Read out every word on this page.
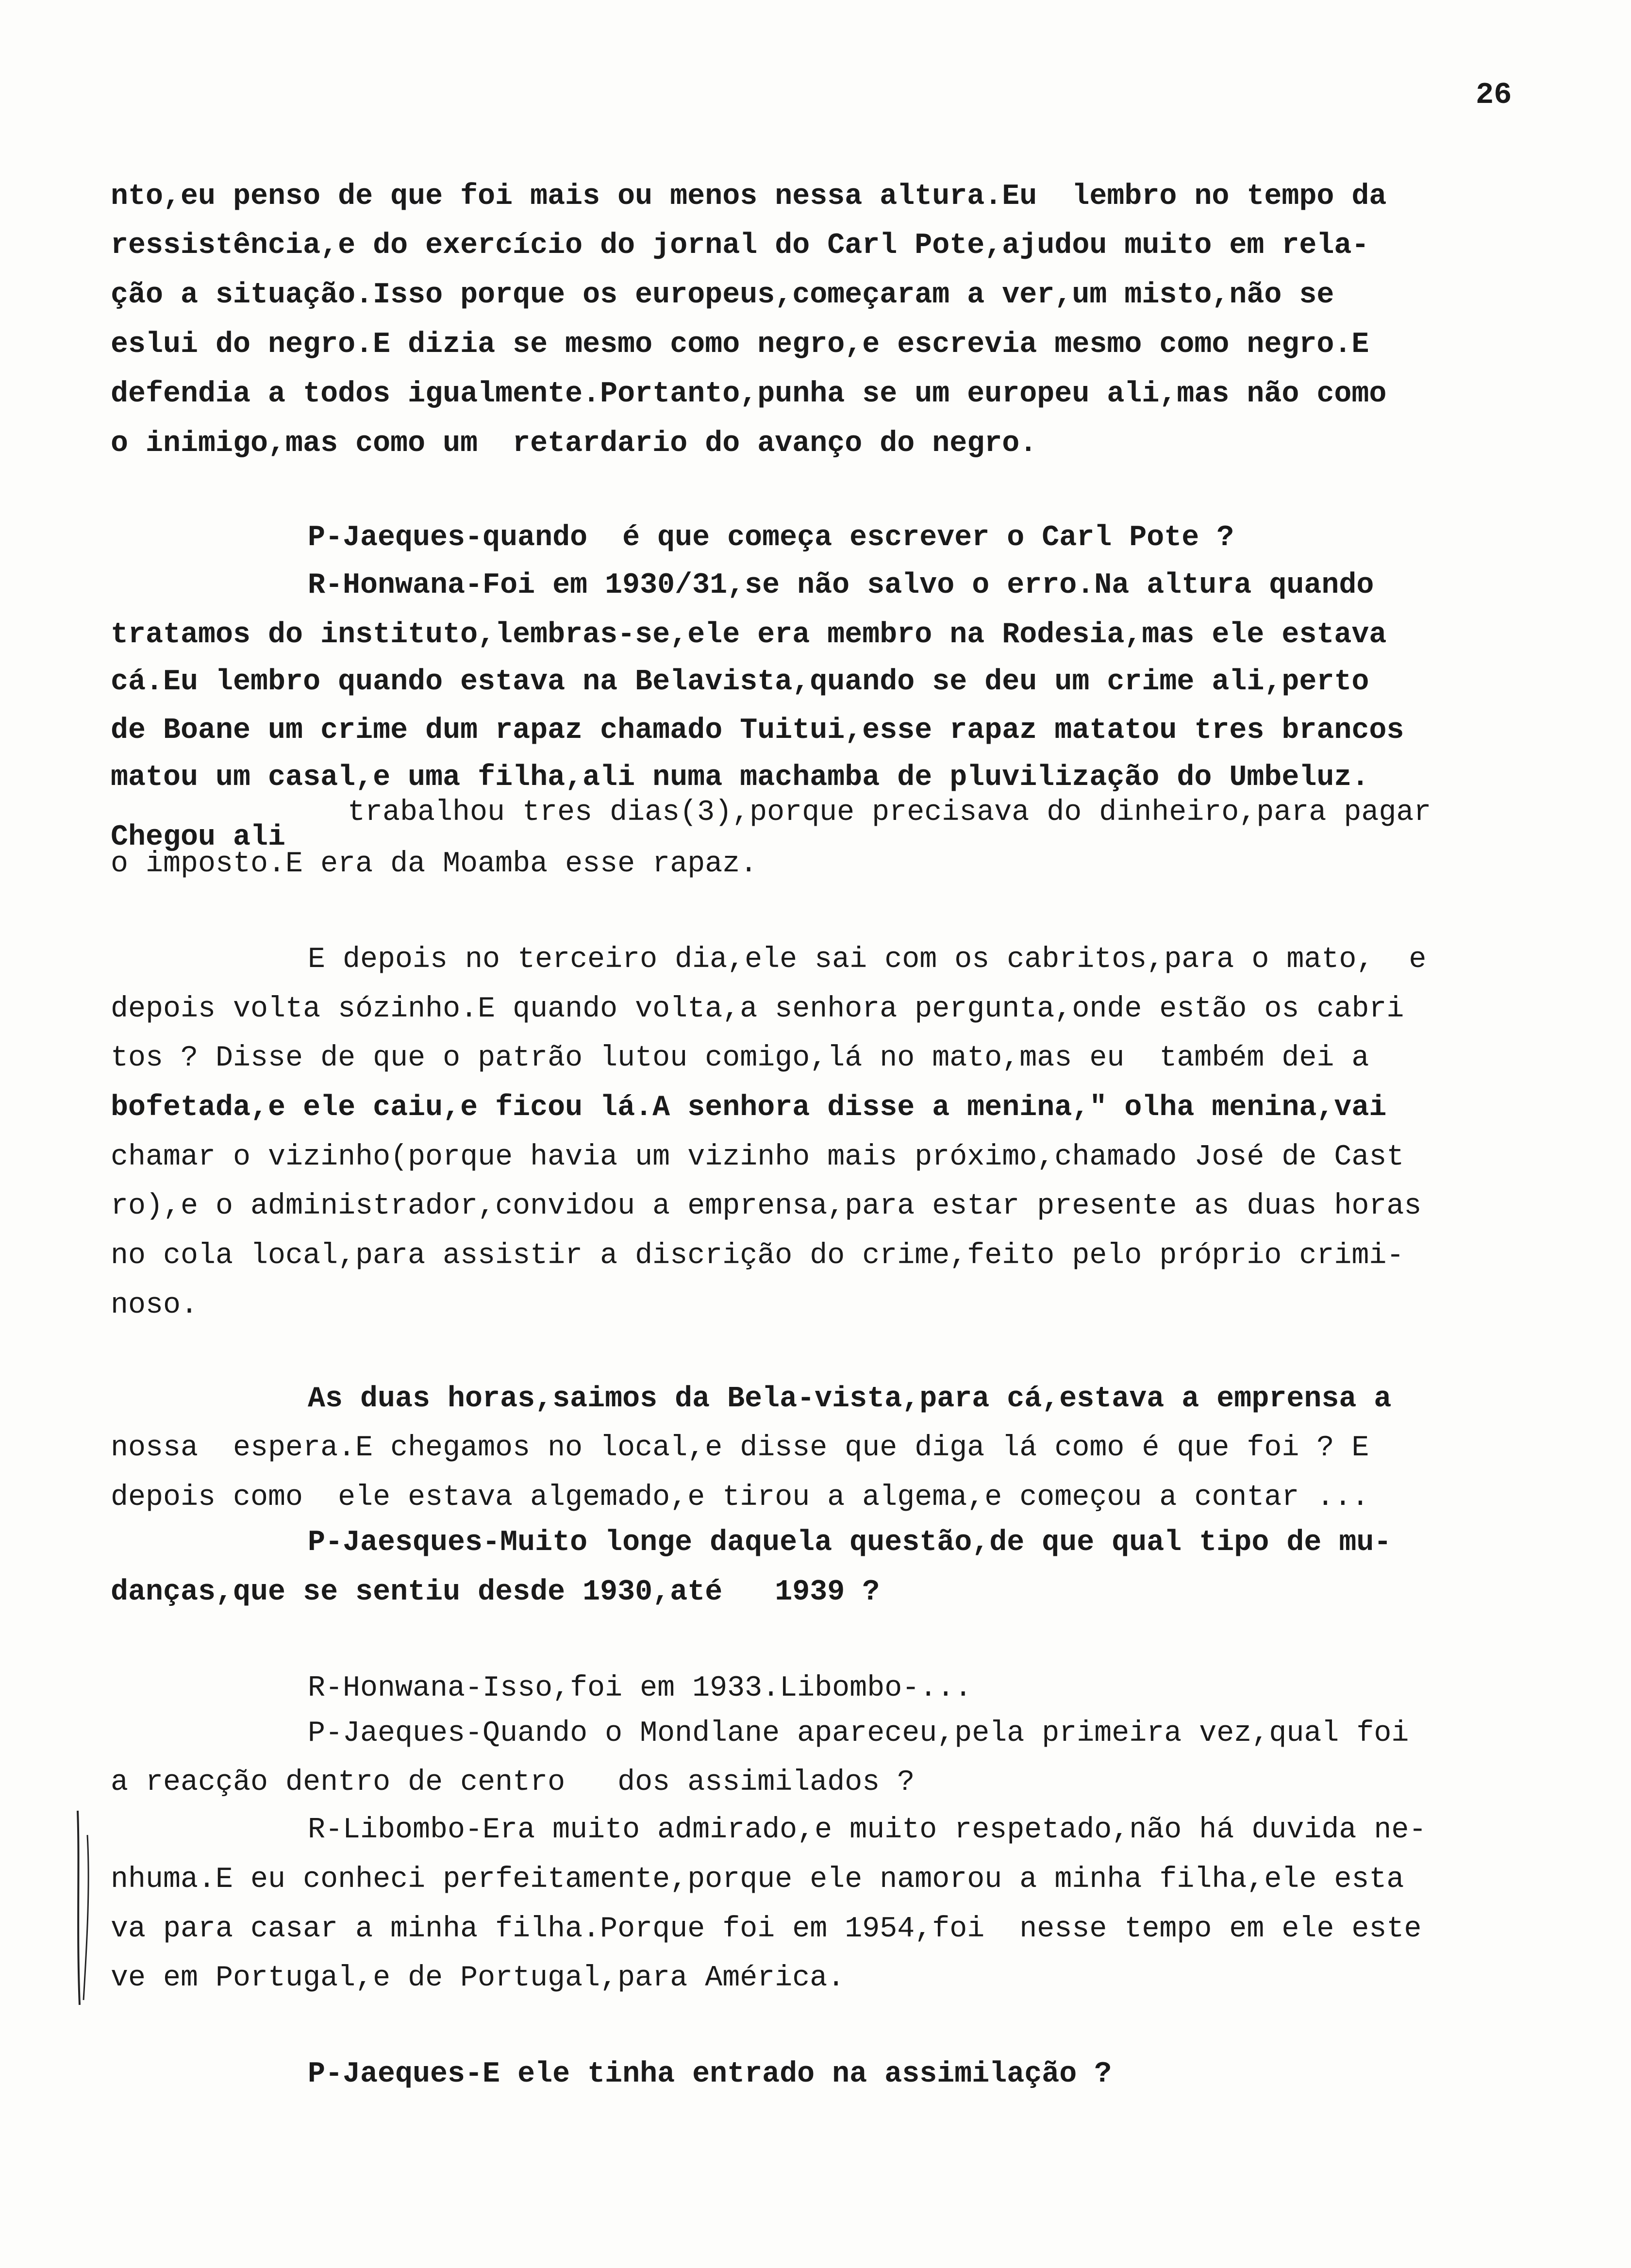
26
nto,eu penso de que foi mais ou menos nessa altura.Eu  lembro no tempo da
ressistência,e do exercício do jornal do Carl Pote,ajudou muito em rela-
ção a situação.Isso porque os europeus,começaram a ver,um misto,não se
eslui do negro.E dizia se mesmo como negro,e escrevia mesmo como negro.E
defendia a todos igualmente.Portanto,punha se um europeu ali,mas não como
o inimigo,mas como um  retardario do avanço do negro.
P-Jaeques-quando  é que começa escrever o Carl Pote ?
R-Honwana-Foi em 1930/31,se não salvo o erro.Na altura quando
tratamos do instituto,lembras-se,ele era membro na Rodesia,mas ele estava
cá.Eu lembro quando estava na Belavista,quando se deu um crime ali,perto
de Boane um crime dum rapaz chamado Tuitui,esse rapaz matatou tres brancos
matou um casal,e uma filha,ali numa machamba de pluvilização do Umbeluz.
Chegou ali
trabalhou tres dias(3),porque precisava do dinheiro,para pagar
o imposto.E era da Moamba esse rapaz.
E depois no terceiro dia,ele sai com os cabritos,para o mato,  e
depois volta sózinho.E quando volta,a senhora pergunta,onde estão os cabri
tos ? Disse de que o patrão lutou comigo,lá no mato,mas eu  também dei a
bofetada,e ele caiu,e ficou lá.A senhora disse a menina," olha menina,vai
chamar o vizinho(porque havia um vizinho mais próximo,chamado José de Cast
ro),e o administrador,convidou a emprensa,para estar presente as duas horas
no cola local,para assistir a discrição do crime,feito pelo próprio crimi-
noso.
As duas horas,saimos da Bela-vista,para cá,estava a emprensa a
nossa  espera.E chegamos no local,e disse que diga lá como é que foi ? E
depois como  ele estava algemado,e tirou a algema,e começou a contar ...
P-Jaesques-Muito longe daquela questão,de que qual tipo de mu-
danças,que se sentiu desde 1930,até   1939 ?
R-Honwana-Isso,foi em 1933.Libombo-...
P-Jaeques-Quando o Mondlane apareceu,pela primeira vez,qual foi
a reacção dentro de centro   dos assimilados ?
R-Libombo-Era muito admirado,e muito respetado,não há duvida ne-
nhuma.E eu conheci perfeitamente,porque ele namorou a minha filha,ele esta
va para casar a minha filha.Porque foi em 1954,foi  nesse tempo em ele este
ve em Portugal,e de Portugal,para América.
P-Jaeques-E ele tinha entrado na assimilação ?
